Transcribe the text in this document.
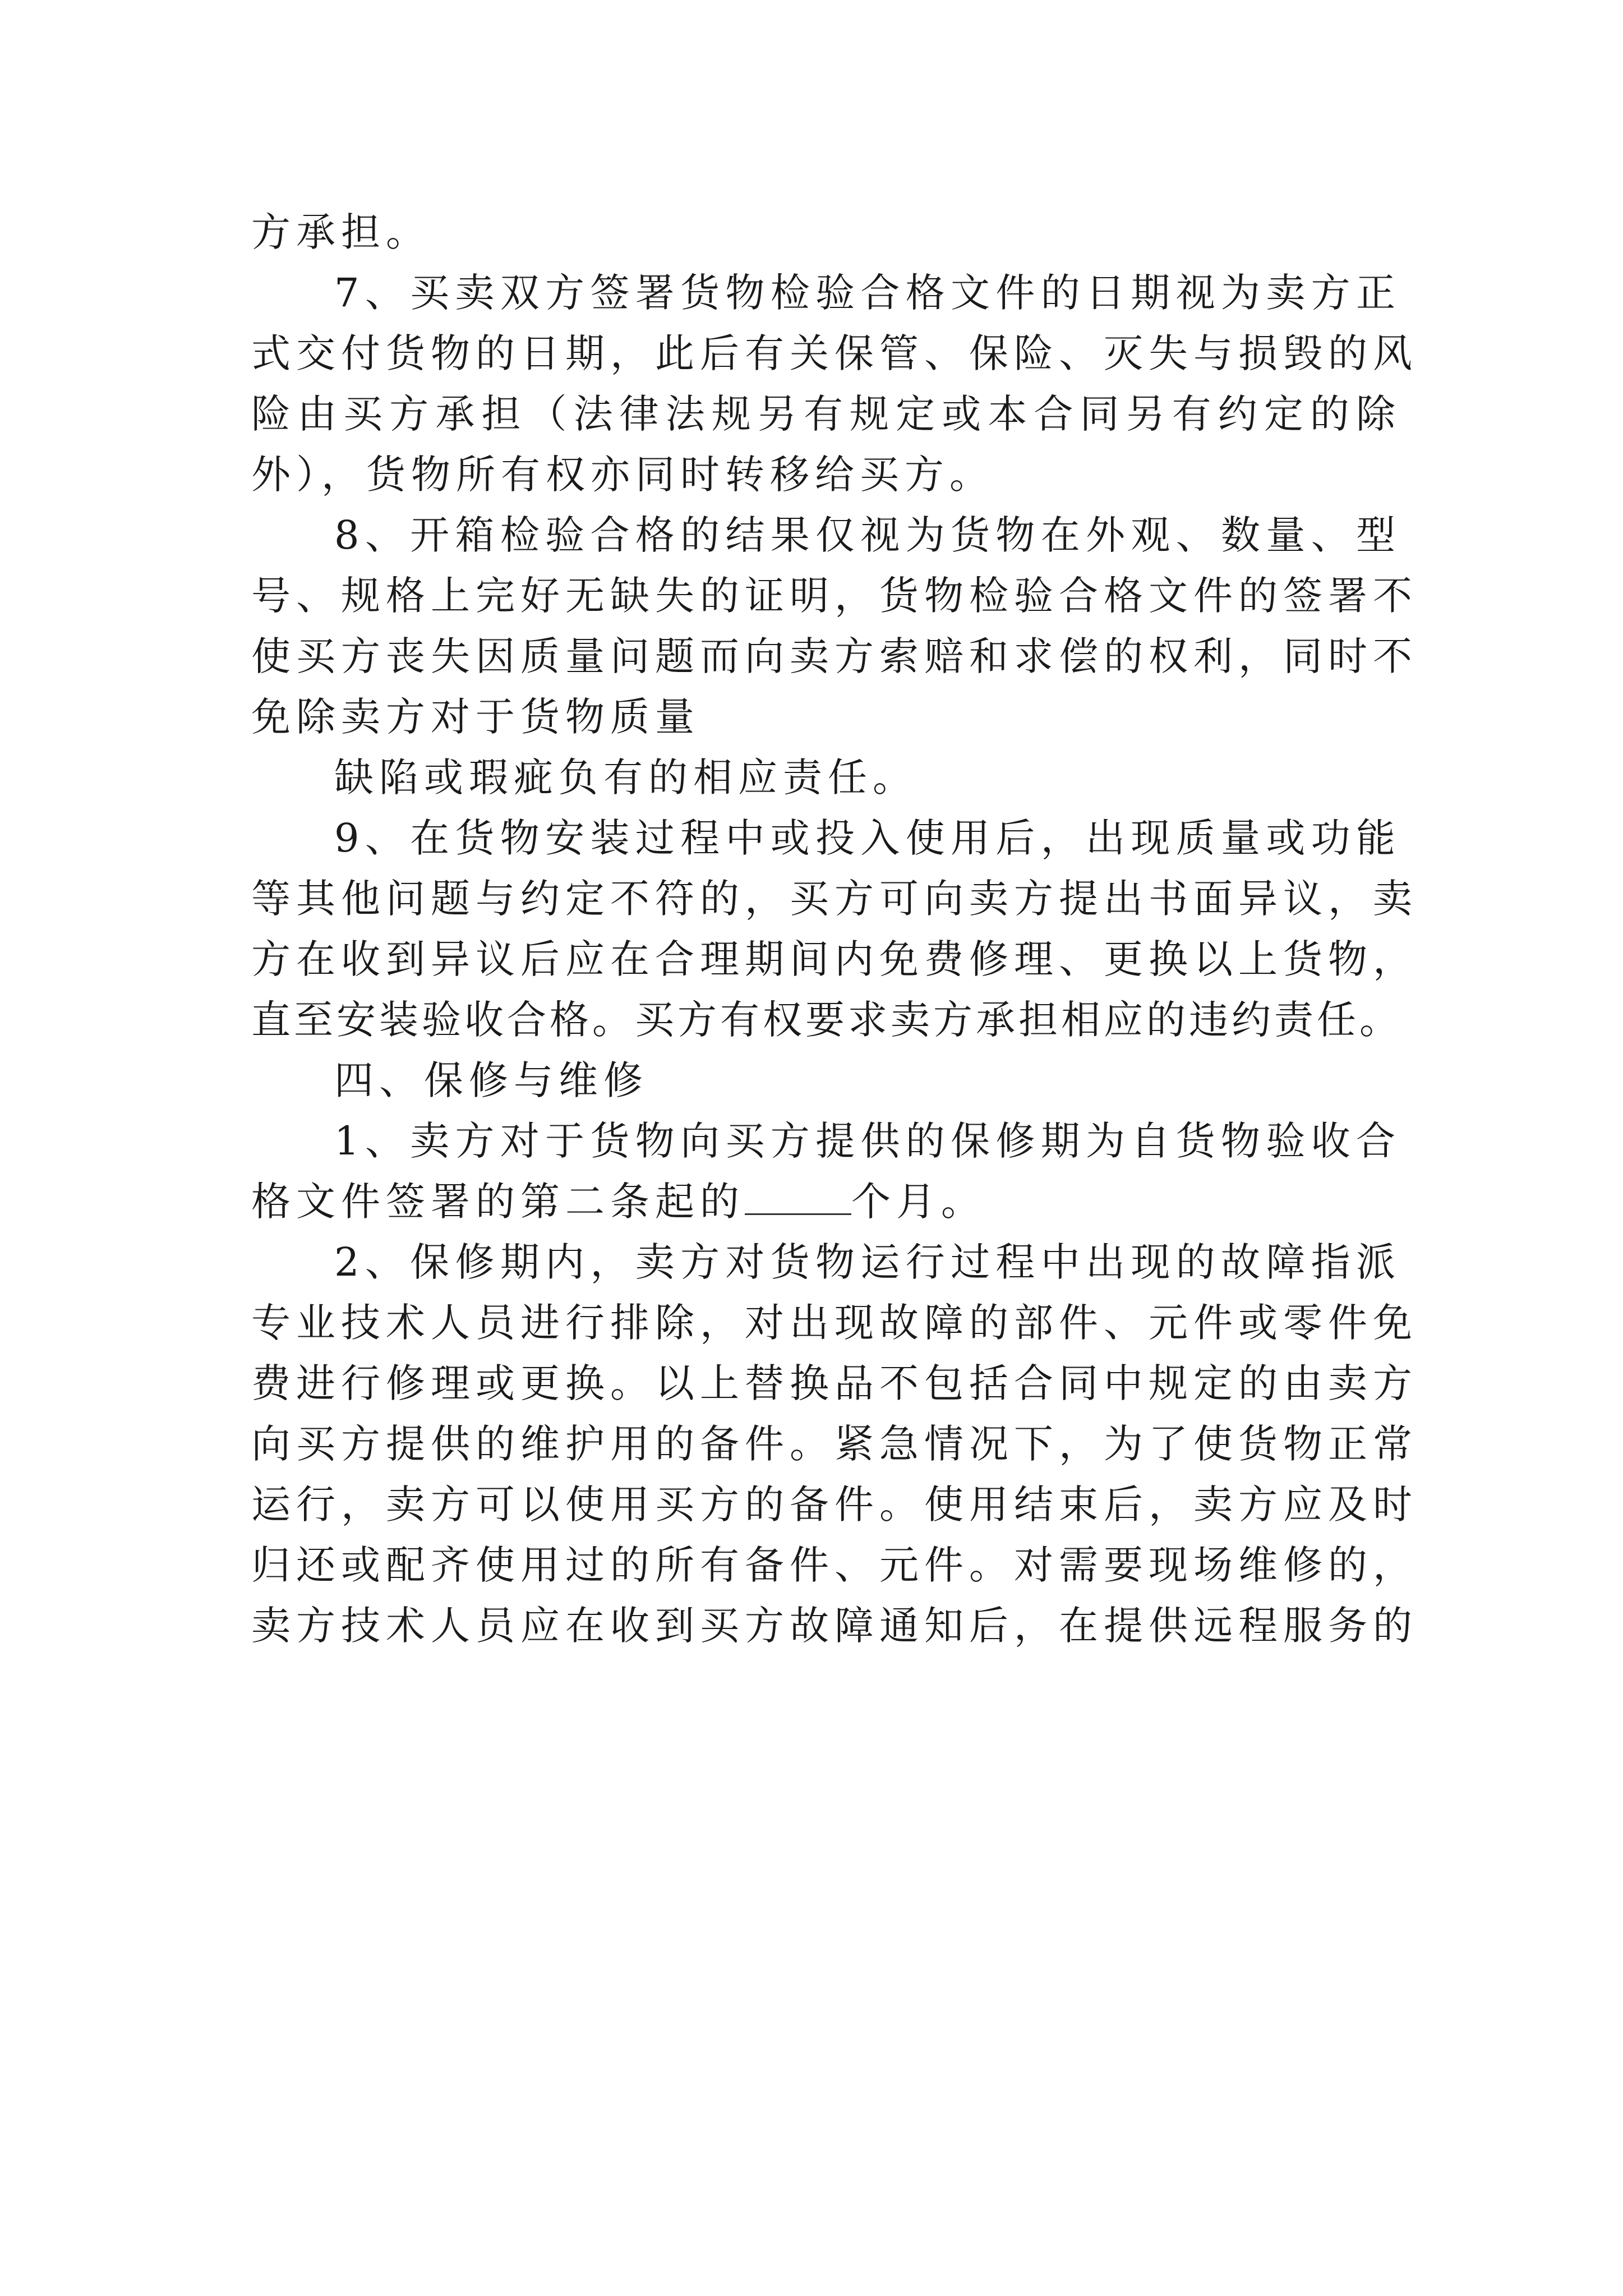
方承担。
7、买卖双方签署货物检验合格文件的日期视为卖方正
式交付货物的日期，此后有关保管、保险、灭失与损毁的风
险由买方承担（法律法规另有规定或本合同另有约定的除
外），货物所有权亦同时转移给买方。
8、开箱检验合格的结果仅视为货物在外观、数量、型
号、规格上完好无缺失的证明，货物检验合格文件的签署不
使买方丧失因质量问题而向卖方索赔和求偿的权利，同时不
免除卖方对于货物质量
缺陷或瑕疵负有的相应责任。
9、在货物安装过程中或投入使用后，出现质量或功能
等其他问题与约定不符的，买方可向卖方提出书面异议，卖
方在收到异议后应在合理期间内免费修理、更换以上货物，
直至安装验收合格。买方有权要求卖方承担相应的违约责任。
四、保修与维修
1、卖方对于货物向买方提供的保修期为自货物验收合
格文件签署的第二条起的	个月。
2、保修期内，卖方对货物运行过程中出现的故障指派
专业技术人员进行排除，对出现故障的部件、元件或零件免
费进行修理或更换。以上替换品不包括合同中规定的由卖方
向买方提供的维护用的备件。紧急情况下，为了使货物正常
运行，卖方可以使用买方的备件。使用结束后，卖方应及时
归还或配齐使用过的所有备件、元件。对需要现场维修的，
卖方技术人员应在收到买方故障通知后，在提供远程服务的
